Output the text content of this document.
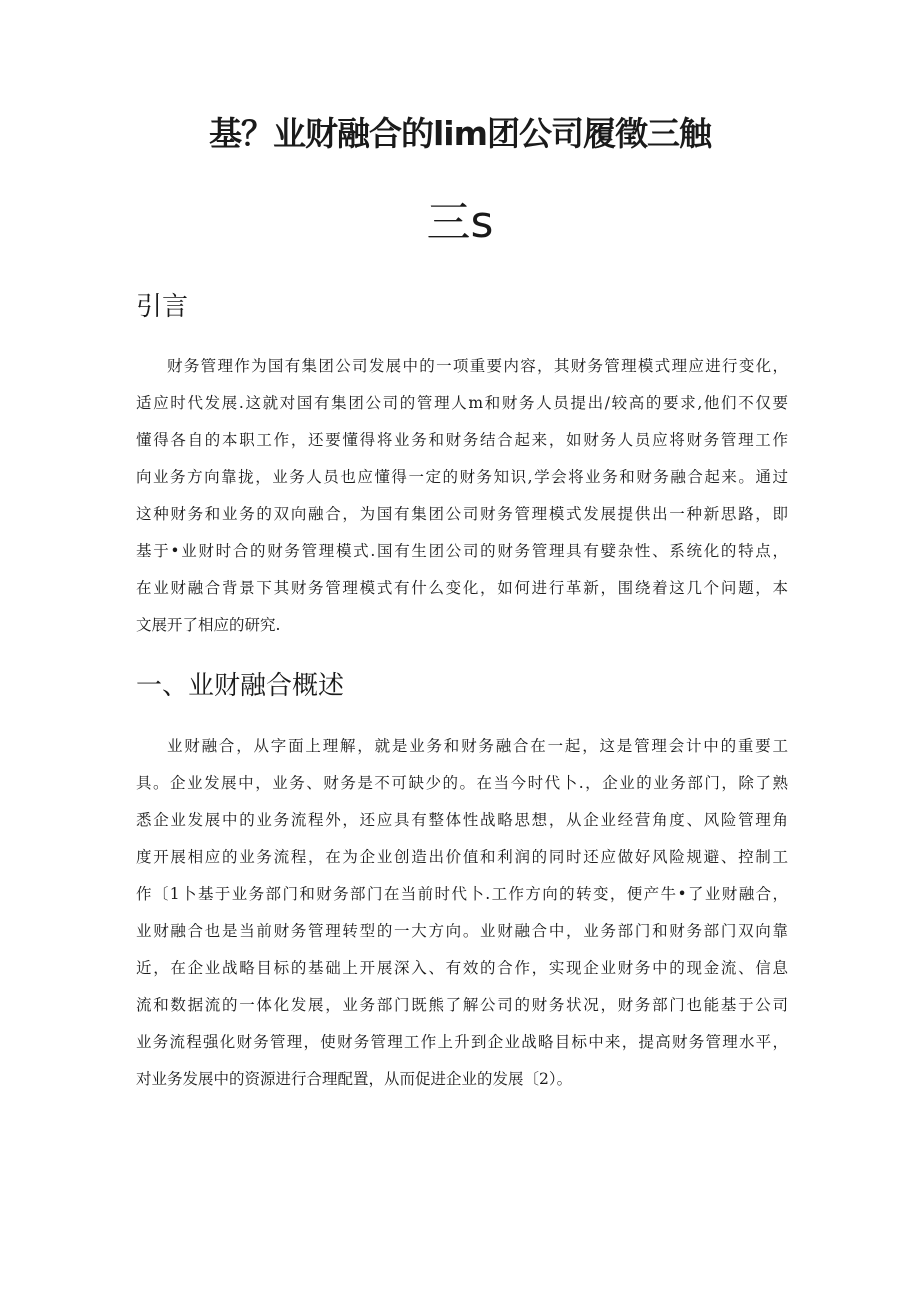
基？业财融合的lim团公司履徵三触
三s
引言
财务管理作为国有集团公司发展中的一项重要内容，其财务管理模式理应进行变化，
适应时代发展.这就对国有集团公司的管理人m和财务人员提出/较高的要求,他们不仅要
懂得各自的本职工作，还要懂得将业务和财务结合起来，如财务人员应将财务管理工作
向业务方向靠拢，业务人员也应懂得一定的财务知识,学会将业务和财务融合起来。通过
这种财务和业务的双向融合，为国有集团公司财务管理模式发展提供出一种新思路，即
基于•业财时合的财务管理模式.国有生团公司的财务管理具有嬖杂性、系统化的特点，
在业财融合背景下其财务管理模式有什么变化，如何进行革新，围绕着这几个问题，本
文展开了相应的研究.
一、业财融合概述
业财融合，从字面上理解，就是业务和财务融合在一起，这是管理会计中的重要工
具。企业发展中，业务、财务是不可缺少的。在当今时代卜.，企业的业务部门，除了熟
悉企业发展中的业务流程外，还应具有整体性战略思想，从企业经营角度、风险管理角
度开展相应的业务流程，在为企业创造出价值和利润的同时还应做好风险规避、控制工
作〔1卜基于业务部门和财务部门在当前时代卜.工作方向的转变，便产牛•了业财融合，
业财融合也是当前财务管理转型的一大方向。业财融合中，业务部门和财务部门双向靠
近，在企业战略目标的基础上开展深入、有效的合作，实现企业财务中的现金流、信息
流和数据流的一体化发展，业务部门既熊了解公司的财务状况，财务部门也能基于公司
业务流程强化财务管理，使财务管理工作上升到企业战略目标中来，提高财务管理水平，
对业务发展中的资源进行合理配置，从而促进企业的发展〔2）。
